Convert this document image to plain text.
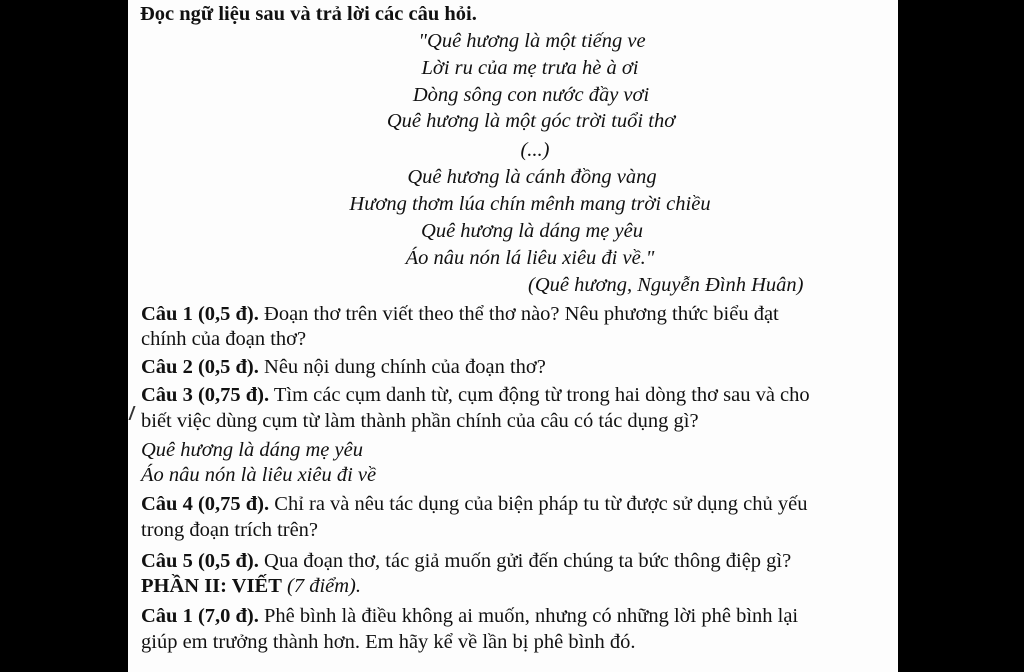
Đọc ngữ liệu sau và trả lời các câu hỏi.
"Quê hương là một tiếng ve
Lời ru của mẹ trưa hè à ơi
Dòng sông con nước đầy vơi
Quê hương là một góc trời tuổi thơ
(...)
Quê hương là cánh đồng vàng
Hương thơm lúa chín mênh mang trời chiều
Quê hương là dáng mẹ yêu
Áo nâu nón lá liêu xiêu đi về."
(Quê hương, Nguyễn Đình Huân)
Câu 1 (0,5 đ). Đoạn thơ trên viết theo thể thơ nào? Nêu phương thức biểu đạt
chính của đoạn thơ?
Câu 2 (0,5 đ). Nêu nội dung chính của đoạn thơ?
Câu 3 (0,75 đ). Tìm các cụm danh từ, cụm động từ trong hai dòng thơ sau và cho
biết việc dùng cụm từ làm thành phần chính của câu có tác dụng gì?
Quê hương là dáng mẹ yêu
Áo nâu nón là liêu xiêu đi về
Câu 4 (0,75 đ). Chỉ ra và nêu tác dụng của biện pháp tu từ được sử dụng chủ yếu
trong đoạn trích trên?
Câu 5 (0,5 đ). Qua đoạn thơ, tác giả muốn gửi đến chúng ta bức thông điệp gì?
PHẦN II: VIẾT (7 điểm).
Câu 1 (7,0 đ). Phê bình là điều không ai muốn, nhưng có những lời phê bình lại
giúp em trưởng thành hơn. Em hãy kể về lần bị phê bình đó.
